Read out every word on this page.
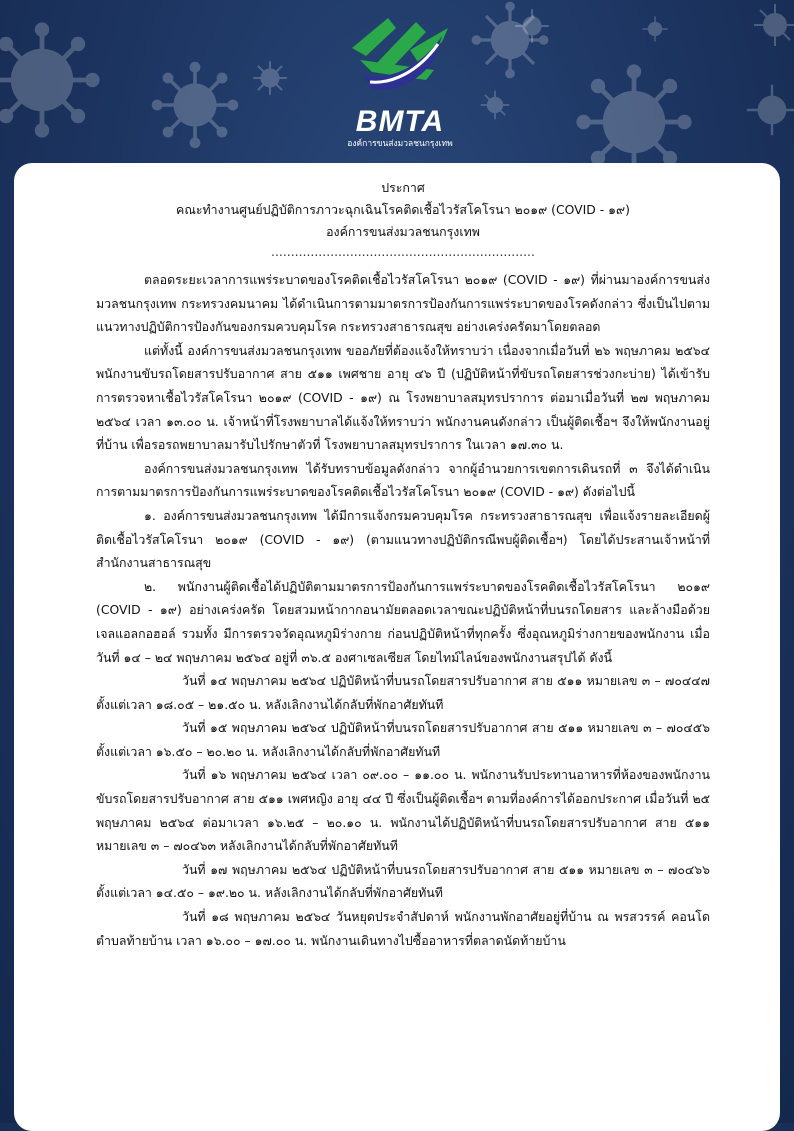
BMTA
องค์การขนส่งมวลชนกรุงเทพ
ประกาศ
คณะทำงานศูนย์ปฏิบัติการภาวะฉุกเฉินโรคติดเชื้อไวรัสโคโรนา ๒๐๑๙ (COVID - ๑๙)
องค์การขนส่งมวลชนกรุงเทพ
...................................................................
ตลอดระยะเวลาการแพร่ระบาดของโรคติดเชื้อไวรัสโคโรนา ๒๐๑๙ (COVID - ๑๙) ที่ผ่านมาองค์การขนส่งมวลชนกรุงเทพ กระทรวงคมนาคม ได้ดำเนินการตามมาตรการป้องกันการแพร่ระบาดของโรคดังกล่าว ซึ่งเป็นไปตามแนวทางปฏิบัติการป้องกันของกรมควบคุมโรค กระทรวงสาธารณสุข อย่างเคร่งครัดมาโดยตลอด
แต่ทั้งนี้ องค์การขนส่งมวลชนกรุงเทพ ขออภัยที่ต้องแจ้งให้ทราบว่า เนื่องจากเมื่อวันที่ ๒๖ พฤษภาคม ๒๕๖๔ พนักงานขับรถโดยสารปรับอากาศ สาย ๕๑๑ เพศชาย อายุ ๔๖ ปี (ปฏิบัติหน้าที่ขับรถโดยสารช่วงกะบ่าย) ได้เข้ารับการตรวจหาเชื้อไวรัสโคโรนา ๒๐๑๙ (COVID - ๑๙) ณ โรงพยาบาลสมุทรปราการ ต่อมาเมื่อวันที่ ๒๗ พฤษภาคม ๒๕๖๔ เวลา ๑๓.๐๐ น. เจ้าหน้าที่โรงพยาบาลได้แจ้งให้ทราบว่า พนักงานคนดังกล่าว เป็นผู้ติดเชื้อฯ จึงให้พนักงานอยู่ที่บ้าน เพื่อรอรถพยาบาลมารับไปรักษาตัวที่ โรงพยาบาลสมุทรปราการ ในเวลา ๑๗.๓๐ น.
องค์การขนส่งมวลชนกรุงเทพ ได้รับทราบข้อมูลดังกล่าว จากผู้อำนวยการเขตการเดินรถที่ ๓ จึงได้ดำเนินการตามมาตรการป้องกันการแพร่ระบาดของโรคติดเชื้อไวรัสโคโรนา ๒๐๑๙ (COVID - ๑๙) ดังต่อไปนี้
๑. องค์การขนส่งมวลชนกรุงเทพ ได้มีการแจ้งกรมควบคุมโรค กระทรวงสาธารณสุข เพื่อแจ้งรายละเอียดผู้ติดเชื้อไวรัสโคโรนา ๒๐๑๙ (COVID - ๑๙) (ตามแนวทางปฏิบัติกรณีพบผู้ติดเชื้อฯ) โดยได้ประสานเจ้าหน้าที่สำนักงานสาธารณสุข
๒. พนักงานผู้ติดเชื้อได้ปฏิบัติตามมาตรการป้องกันการแพร่ระบาดของโรคติดเชื้อไวรัสโคโรนา ๒๐๑๙ (COVID - ๑๙) อย่างเคร่งครัด โดยสวมหน้ากากอนามัยตลอดเวลาขณะปฏิบัติหน้าที่บนรถโดยสาร และล้างมือด้วยเจลแอลกอฮอล์ รวมทั้ง มีการตรวจวัดอุณหภูมิร่างกาย ก่อนปฏิบัติหน้าที่ทุกครั้ง ซึ่งอุณหภูมิร่างกายของพนักงาน เมื่อวันที่ ๑๔ – ๒๔ พฤษภาคม ๒๕๖๔ อยู่ที่ ๓๖.๕ องศาเซลเซียส โดยไทม์ไลน์ของพนักงานสรุปได้ ดังนี้
วันที่ ๑๔ พฤษภาคม ๒๕๖๔ ปฏิบัติหน้าที่บนรถโดยสารปรับอากาศ สาย ๕๑๑ หมายเลข ๓ – ๗๐๔๔๗ ตั้งแต่เวลา ๑๘.๐๕ – ๒๑.๕๐ น. หลังเลิกงานได้กลับที่พักอาศัยทันที
วันที่ ๑๕ พฤษภาคม ๒๕๖๔ ปฏิบัติหน้าที่บนรถโดยสารปรับอากาศ สาย ๕๑๑ หมายเลข ๓ – ๗๐๔๕๖ ตั้งแต่เวลา ๑๖.๕๐ – ๒๐.๒๐ น. หลังเลิกงานได้กลับที่พักอาศัยทันที
วันที่ ๑๖ พฤษภาคม ๒๕๖๔ เวลา ๐๙.๐๐ – ๑๑.๐๐ น. พนักงานรับประทานอาหารที่ห้องของพนักงานขับรถโดยสารปรับอากาศ สาย ๕๑๑ เพศหญิง อายุ ๔๔ ปี ซึ่งเป็นผู้ติดเชื้อฯ ตามที่องค์การได้ออกประกาศ เมื่อวันที่ ๒๕ พฤษภาคม ๒๕๖๔ ต่อมาเวลา ๑๖.๒๕ – ๒๐.๑๐ น. พนักงานได้ปฏิบัติหน้าที่บนรถโดยสารปรับอากาศ สาย ๕๑๑ หมายเลข ๓ – ๗๐๔๖๓ หลังเลิกงานได้กลับที่พักอาศัยทันที
วันที่ ๑๗ พฤษภาคม ๒๕๖๔ ปฏิบัติหน้าที่บนรถโดยสารปรับอากาศ สาย ๕๑๑ หมายเลข ๓ – ๗๐๔๖๖ ตั้งแต่เวลา ๑๔.๕๐ – ๑๙.๒๐ น. หลังเลิกงานได้กลับที่พักอาศัยทันที
วันที่ ๑๘ พฤษภาคม ๒๕๖๔ วันหยุดประจำสัปดาห์ พนักงานพักอาศัยอยู่ที่บ้าน ณ พรสวรรค์ คอนโด ตำบลท้ายบ้าน เวลา ๑๖.๐๐ – ๑๗.๐๐ น. พนักงานเดินทางไปซื้ออาหารที่ตลาดนัดท้ายบ้าน
